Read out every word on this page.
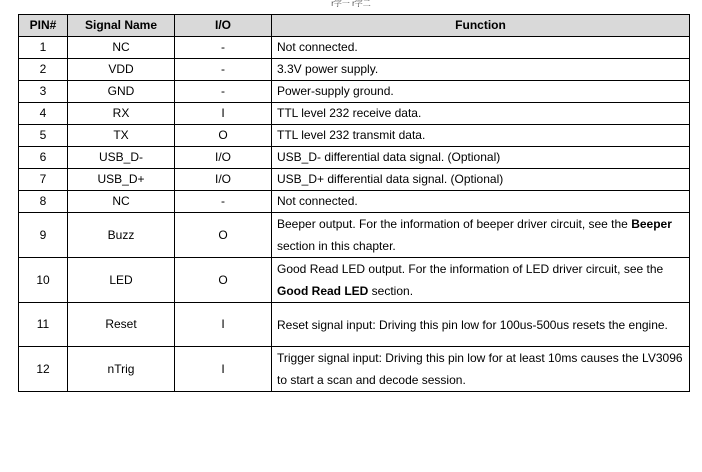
r字一 r字二
PIN#	Signal Name	I/O	Function
1	NC	-	Not connected.
2	VDD	-	3.3V power supply.
3	GND	-	Power-supply ground.
4	RX	I	TTL level 232 receive data.
5	TX	O	TTL level 232 transmit data.
6	USB_D-	I/O	USB_D- differential data signal. (Optional)
7	USB_D+	I/O	USB_D+ differential data signal. (Optional)
8	NC	-	Not connected.
9	Buzz	O	Beeper output. For the information of beeper driver circuit, see the Beeper section in this chapter.
10	LED	O	Good Read LED output. For the information of LED driver circuit, see the Good Read LED section.
11	Reset	I	Reset signal input: Driving this pin low for 100us-500us resets the engine.
12	nTrig	I	Trigger signal input: Driving this pin low for at least 10ms causes the LV3096 to start a scan and decode session.
